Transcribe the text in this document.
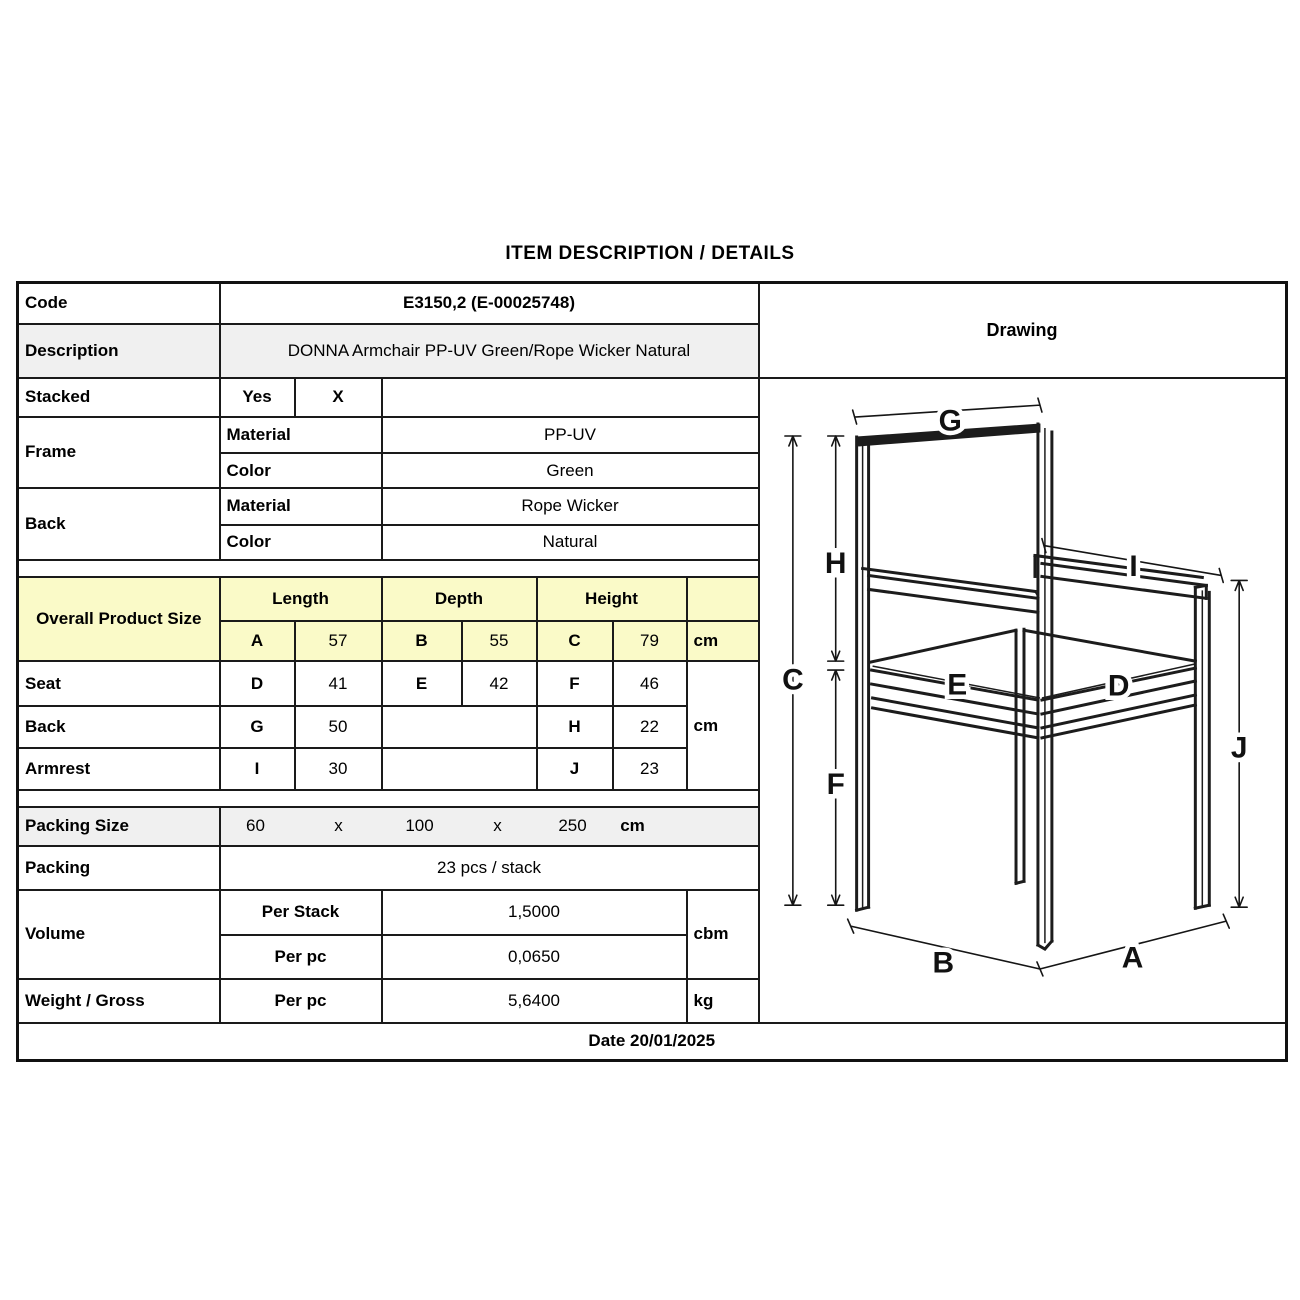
ITEM DESCRIPTION / DETAILS
Code	E3150,2 (E-00025748)							Drawing
Description	DONNA Armchair PP-UV Green/Rope Wicker Natural							
Stacked	Yes	X		
C
H
F
G
I
J
B	A
E	D

Frame	Material		PP-UV					
	Color		Green					
Back	Material		Rope Wicker					
	Color		Natural					

Overall Product Size	Length		Depth		Height			
	A	57	B	55	C	79	cm	
Seat	D	41	E	42	F	46	cm	
Back	G	50			H	22		
Armrest	I	30			J	23		

Packing Size	60	x	100	x	250 cm

Packing	23 pcs / stack							
Volume	Per Stack		1,5000				cbm	
	Per pc		0,0650					
Weight / Gross	Per pc		5,6400				kg	
Date 20/01/2025								
